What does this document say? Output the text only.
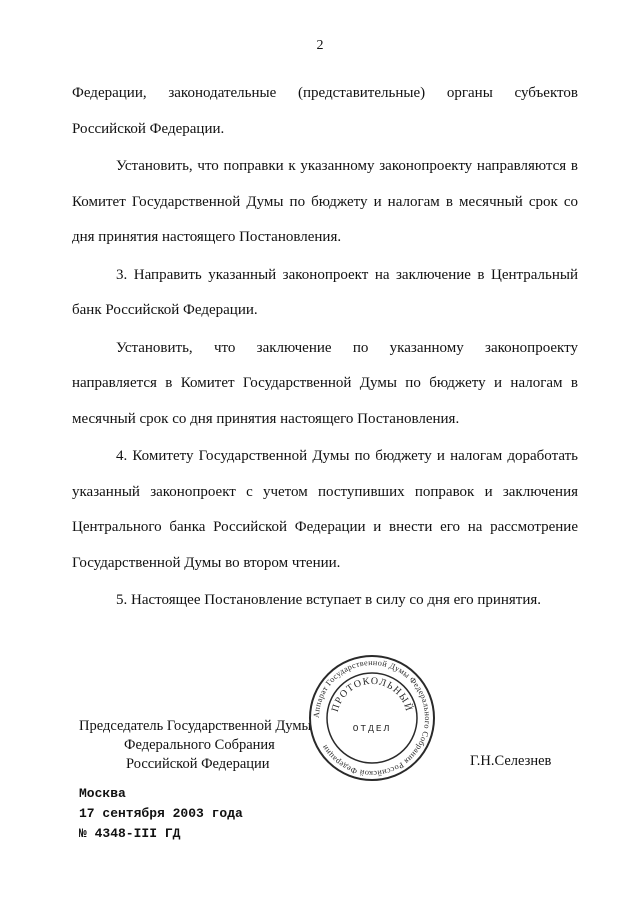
2

Федерации, законодательные (представительные) органы субъектов Российской Федерации.

Установить, что поправки к указанному законопроекту направляются в Комитет Государственной Думы по бюджету и налогам в месячный срок со дня принятия настоящего Постановления.

3. Направить указанный законопроект на заключение в Центральный банк Российской Федерации.

Установить, что заключение по указанному законопроекту направляется в Комитет Государственной Думы по бюджету и налогам в месячный срок со дня принятия настоящего Постановления.

4. Комитету Государственной Думы по бюджету и налогам доработать указанный законопроект с учетом поступивших поправок и заключения Центрального банка Российской Федерации и внести его на рассмотрение Государственной Думы во втором чтении.

5. Настоящее Постановление вступает в силу со дня его принятия.

Председатель Государственной Думы
Федерального Собрания
Российской Федерации	Г.Н.Селезнев
Аппарат Государственной Думы Федерального Собрания Российской Федерации
ПРОТОКОЛЬНЫЙ
ОТДЕЛ
Москва
17 сентября 2003 года
№ 4348-III ГД
